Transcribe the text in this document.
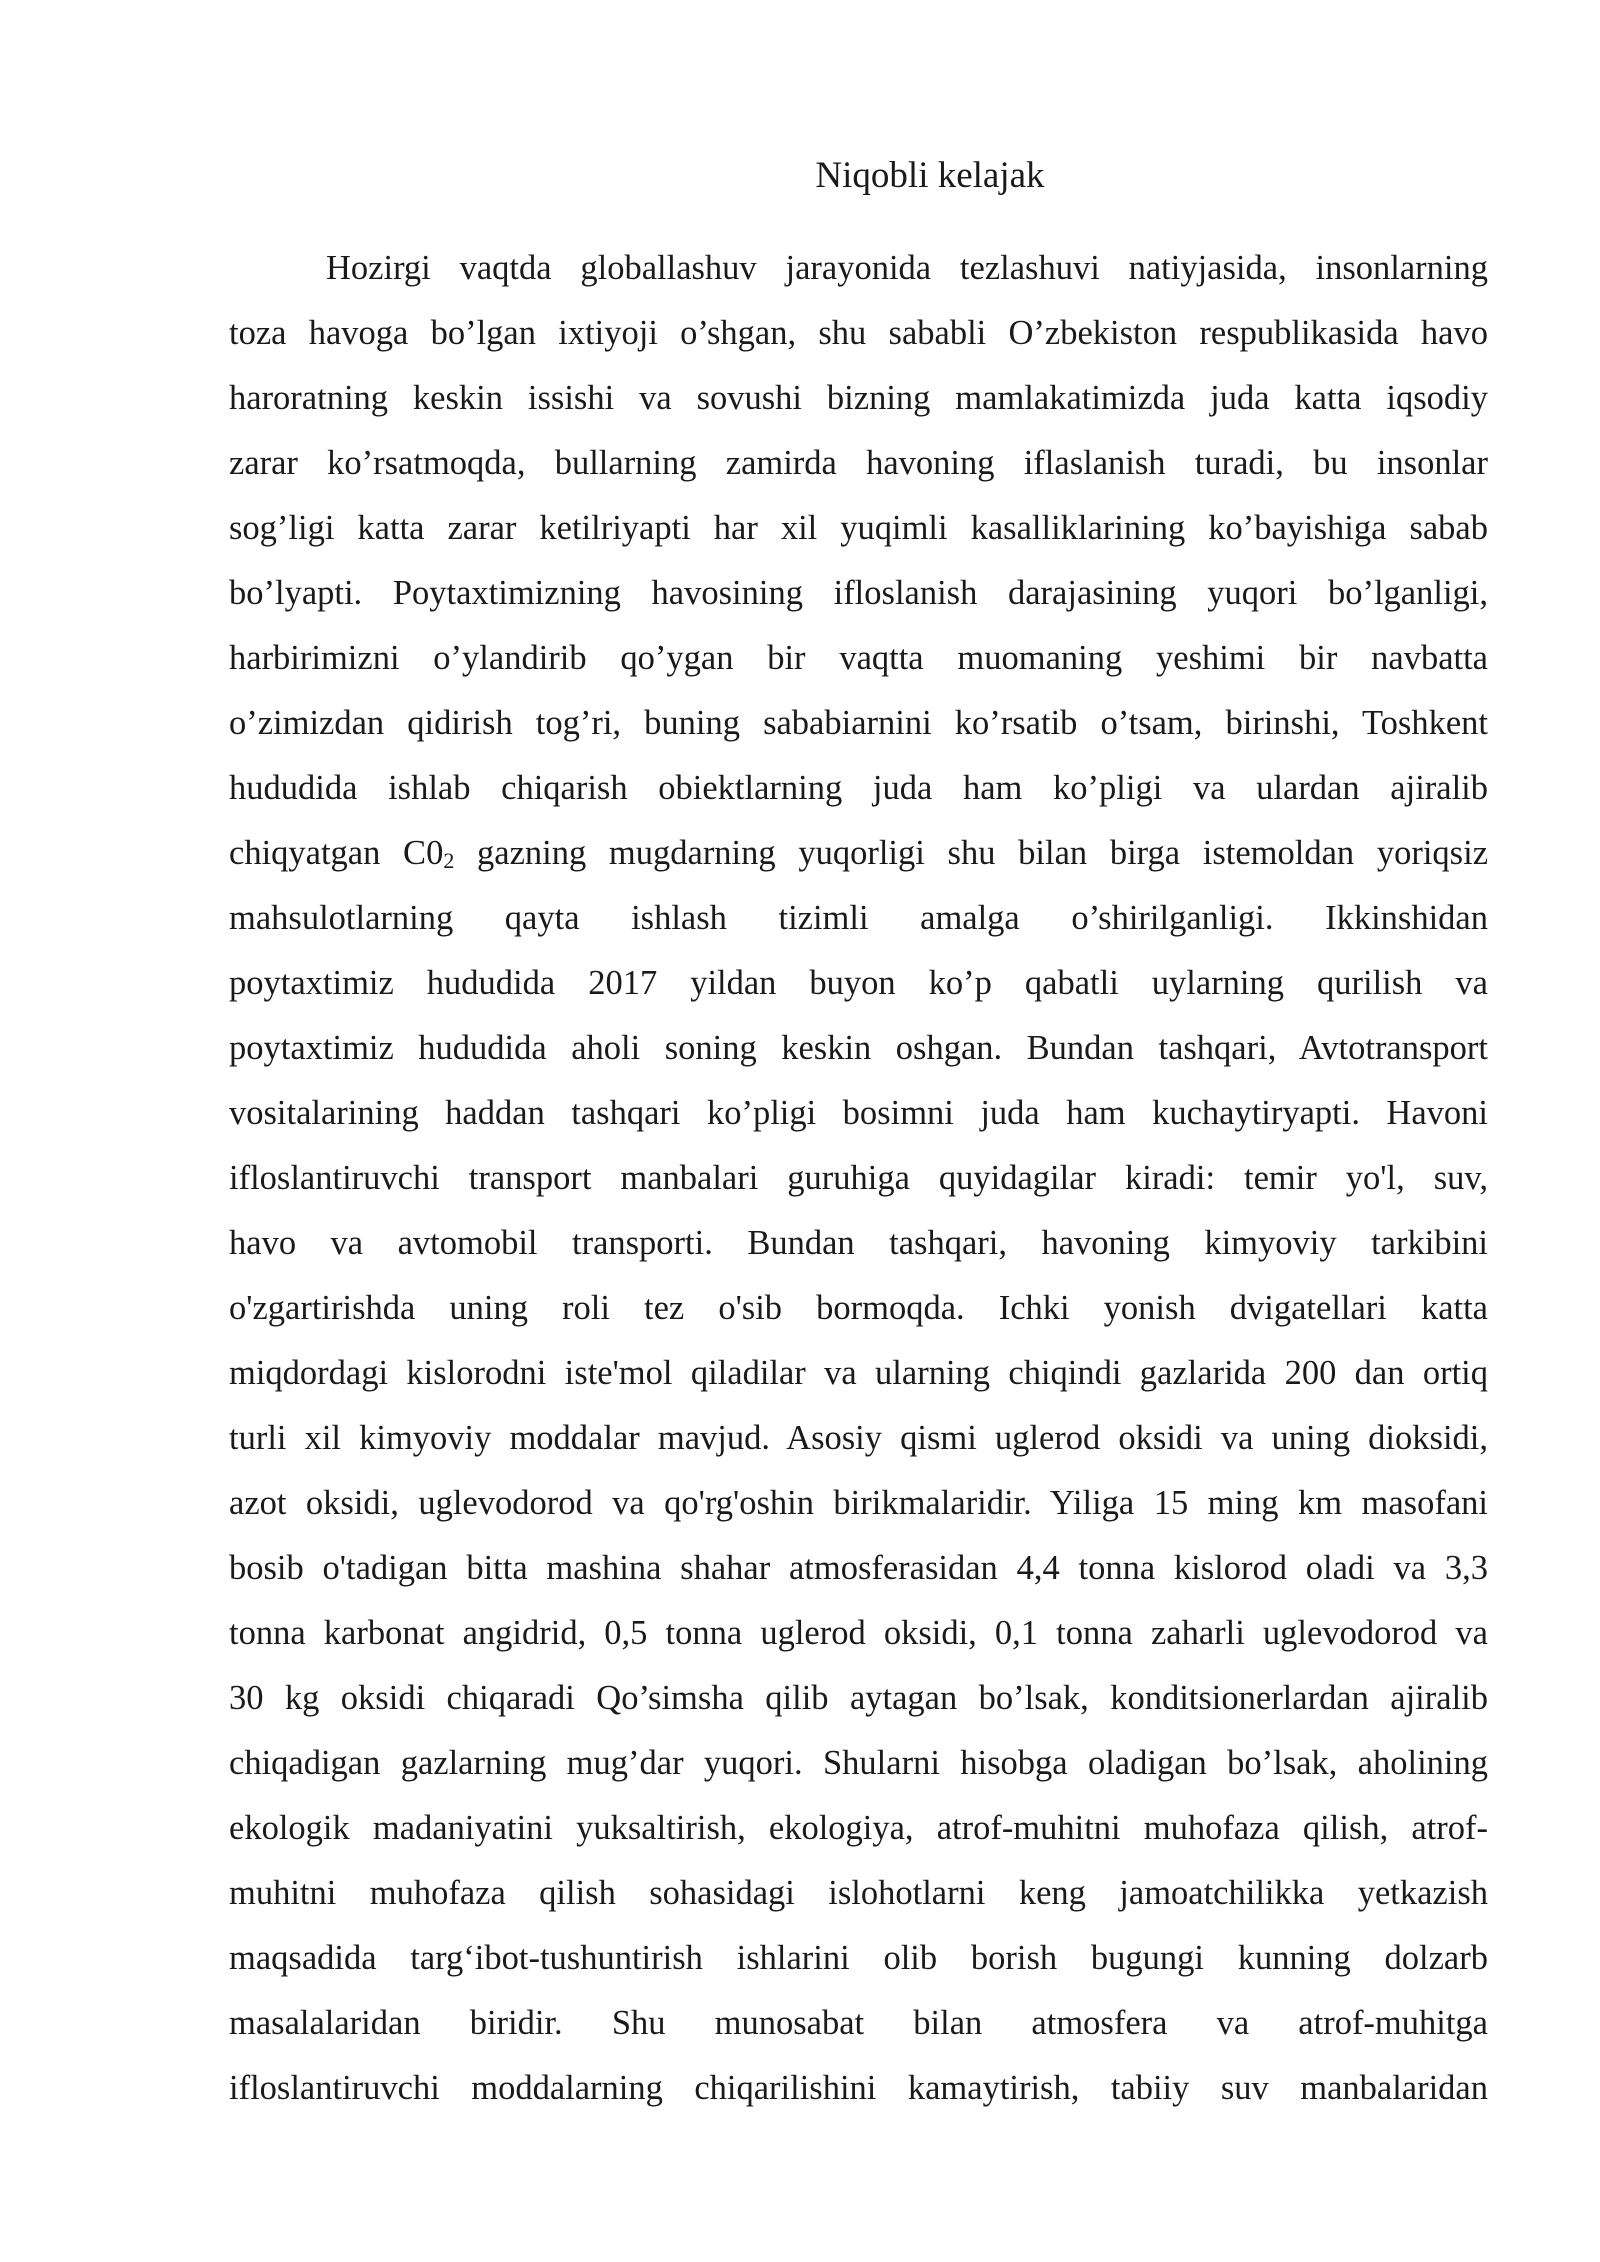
Niqobli kelajak
Hozirgi vaqtda globallashuv jarayonida tezlashuvi natiyjasida, insonlarning
toza havoga bo’lgan ixtiyoji o’shgan, shu sababli O’zbekiston respublikasida havo
haroratning keskin issishi va sovushi bizning mamlakatimizda juda katta iqsodiy
zarar ko’rsatmoqda, bullarning zamirda havoning iflaslanish turadi, bu insonlar
sog’ligi katta zarar ketilriyapti har xil yuqimli kasalliklarining ko’bayishiga sabab
bo’lyapti. Poytaxtimizning havosining ifloslanish darajasining yuqori bo’lganligi,
harbirimizni o’ylandirib qo’ygan bir vaqtta muomaning yeshimi bir navbatta
o’zimizdan qidirish tog’ri, buning sababiarnini ko’rsatib o’tsam, birinshi, Toshkent
hududida ishlab chiqarish obiektlarning juda ham ko’pligi va ulardan ajiralib
chiqyatgan C02 gazning mugdarning yuqorligi shu bilan birga istemoldan yoriqsiz
mahsulotlarning qayta ishlash tizimli amalga o’shirilganligi. Ikkinshidan
poytaxtimiz hududida 2017 yildan buyon ko’p qabatli uylarning qurilish va
poytaxtimiz hududida aholi soning keskin oshgan. Bundan tashqari, Avtotransport
vositalarining haddan tashqari ko’pligi bosimni juda ham kuchaytiryapti. Havoni
ifloslantiruvchi transport manbalari guruhiga quyidagilar kiradi: temir yo'l, suv,
havo va avtomobil transporti. Bundan tashqari, havoning kimyoviy tarkibini
o'zgartirishda uning roli tez o'sib bormoqda. Ichki yonish dvigatellari katta
miqdordagi kislorodni iste'mol qiladilar va ularning chiqindi gazlarida 200 dan ortiq
turli xil kimyoviy moddalar mavjud. Asosiy qismi uglerod oksidi va uning dioksidi,
azot oksidi, uglevodorod va qo'rg'oshin birikmalaridir. Yiliga 15 ming km masofani
bosib o'tadigan bitta mashina shahar atmosferasidan 4,4 tonna kislorod oladi va 3,3
tonna karbonat angidrid, 0,5 tonna uglerod oksidi, 0,1 tonna zaharli uglevodorod va
30 kg oksidi chiqaradi Qo’simsha qilib aytagan bo’lsak, konditsionerlardan ajiralib
chiqadigan gazlarning mug’dar yuqori. Shularni hisobga oladigan bo’lsak, aholining
ekologik madaniyatini yuksaltirish, ekologiya, atrof-muhitni muhofaza qilish, atrof-
muhitni muhofaza qilish sohasidagi islohotlarni keng jamoatchilikka yetkazish
maqsadida targ‘ibot-tushuntirish ishlarini olib borish bugungi kunning dolzarb
masalalaridan biridir. Shu munosabat bilan atmosfera va atrof-muhitga
ifloslantiruvchi moddalarning chiqarilishini kamaytirish, tabiiy suv manbalaridan
